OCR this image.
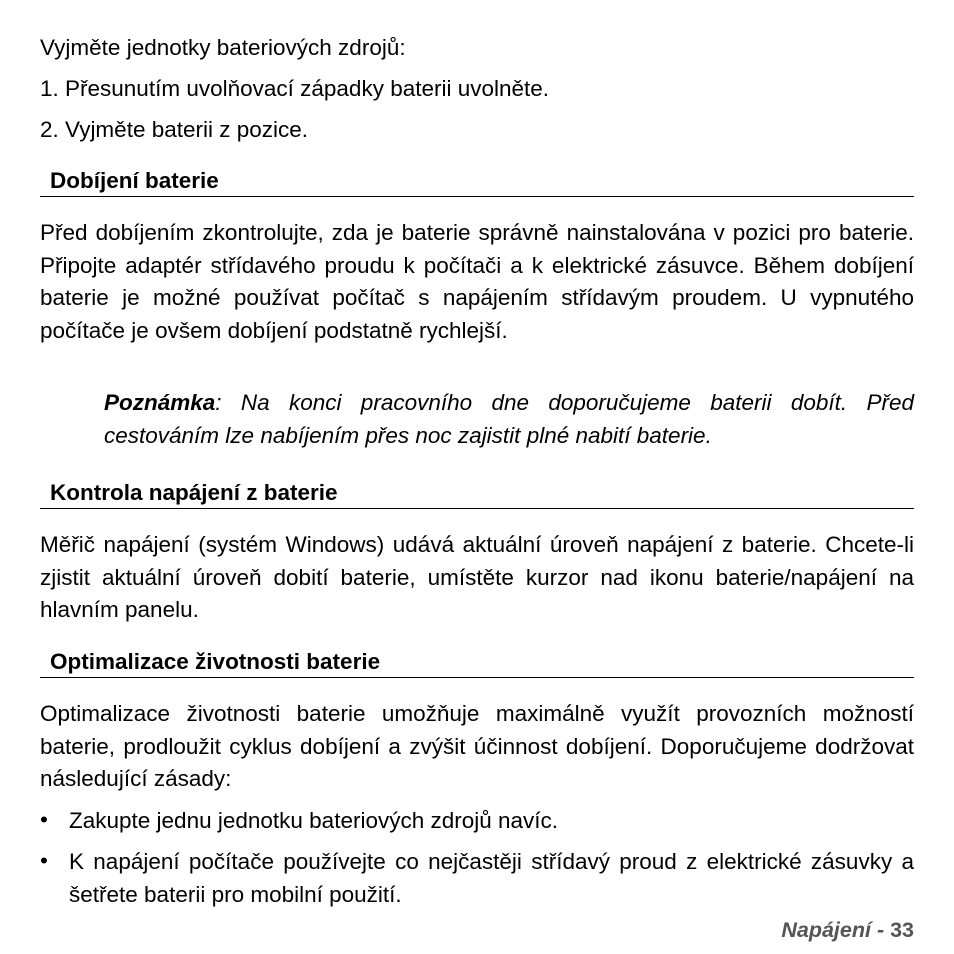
Vyjměte jednotky bateriových zdrojů:
1. Přesunutím uvolňovací západky baterii uvolněte.
2. Vyjměte baterii z pozice.
Dobíjení baterie
Před dobíjením zkontrolujte, zda je baterie správně nainstalována v pozici pro baterie. Připojte adaptér střídavého proudu k počítači a k elektrické zásuvce. Během dobíjení baterie je možné používat počítač s napájením střídavým proudem. U vypnutého počítače je ovšem dobíjení podstatně rychlejší.
Poznámka: Na konci pracovního dne doporučujeme baterii dobít. Před cestováním lze nabíjením přes noc zajistit plné nabití baterie.
Kontrola napájení z baterie
Měřič napájení (systém Windows) udává aktuální úroveň napájení z baterie. Chcete-li zjistit aktuální úroveň dobití baterie, umístěte kurzor nad ikonu baterie/napájení na hlavním panelu.
Optimalizace životnosti baterie
Optimalizace životnosti baterie umožňuje maximálně využít provozních možností baterie, prodloužit cyklus dobíjení a zvýšit účinnost dobíjení. Doporučujeme dodržovat následující zásady:
• Zakupte jednu jednotku bateriových zdrojů navíc.
• K napájení počítače používejte co nejčastěji střídavý proud z elektrické zásuvky a šetřete baterii pro mobilní použití.
Napájení - 33
